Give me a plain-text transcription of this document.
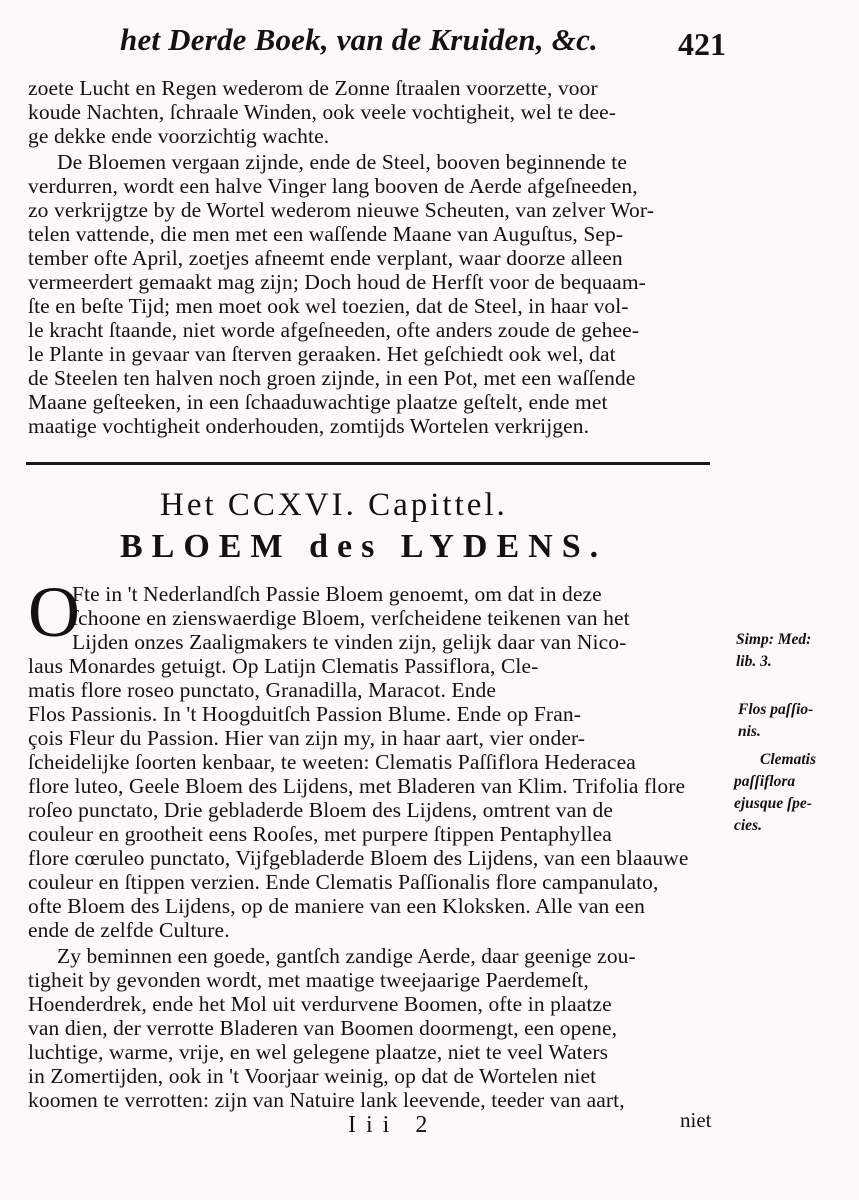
het Derde Boek, van de Kruiden, &c.	421
zoete Lucht en Regen wederom de Zonne ſtraalen voorzette, voor
koude Nachten, ſchraale Winden, ook veele vochtigheit, wel te dee-
ge dekke ende voorzichtig wachte.
De Bloemen vergaan zijnde, ende de Steel, booven beginnende te
verdurren, wordt een halve Vinger lang booven de Aerde afgeſneeden,
zo verkrijgtze by de Wortel wederom nieuwe Scheuten, van zelver Wor-
telen vattende, die men met een waſſende Maane van Auguſtus, Sep-
tember ofte April, zoetjes afneemt ende verplant, waar doorze alleen
vermeerdert gemaakt mag zijn; Doch houd de Herfſt voor de bequaam-
ſte en beſte Tijd; men moet ook wel toezien, dat de Steel, in haar vol-
le kracht ſtaande, niet worde afgeſneeden, ofte anders zoude de gehee-
le Plante in gevaar van ſterven geraaken. Het geſchiedt ook wel, dat
de Steelen ten halven noch groen zijnde, in een Pot, met een waſſende
Maane geſteeken, in een ſchaaduwachtige plaatze geſtelt, ende met
maatige vochtigheit onderhouden, zomtijds Wortelen verkrijgen.
Het CCXVI. Capittel.
BLOEM des LYDENS.
O
Fte in 't Nederlandſch Passie Bloem genoemt, om dat in deze
ſchoone en zienswaerdige Bloem, verſcheidene teikenen van het
Lijden onzes Zaaligmakers te vinden zijn, gelijk daar van Nico-
laus Monardes getuigt. Op Latijn Clematis Passiflora, Cle-
matis flore roseo punctato, Granadilla, Maracot. Ende
Flos Passionis. In 't Hoogduitſch Passion Blume. Ende op Fran-
çois Fleur du Passion. Hier van zijn my, in haar aart, vier onder-
ſcheidelijke ſoorten kenbaar, te weeten: Clematis Paſſiflora Hederacea
flore luteo, Geele Bloem des Lijdens, met Bladeren van Klim. Trifolia flore
roſeo punctato, Drie gebladerde Bloem des Lijdens, omtrent van de
couleur en grootheit eens Rooſes, met purpere ſtippen Pentaphyllea
flore cœruleo punctato, Vijfgebladerde Bloem des Lijdens, van een blaauwe
couleur en ſtippen verzien. Ende Clematis Paſſionalis flore campanulato,
ofte Bloem des Lijdens, op de maniere van een Kloksken. Alle van een
ende de zelfde Culture.
Zy beminnen een goede, gantſch zandige Aerde, daar geenige zou-
tigheit by gevonden wordt, met maatige tweejaarige Paerdemeſt,
Hoenderdrek, ende het Mol uit verdurvene Boomen, ofte in plaatze
van dien, der verrotte Bladeren van Boomen doormengt, een opene,
luchtige, warme, vrije, en wel gelegene plaatze, niet te veel Waters
in Zomertijden, ook in 't Voorjaar weinig, op dat de Wortelen niet
koomen te verrotten: zijn van Natuire lank leevende, teeder van aart,
Simp: Med:
lib. 3.
Flos paſſio-
nis.
Clematis
paſſiflora
ejusque ſpe-
cies.
Iii 2	niet
